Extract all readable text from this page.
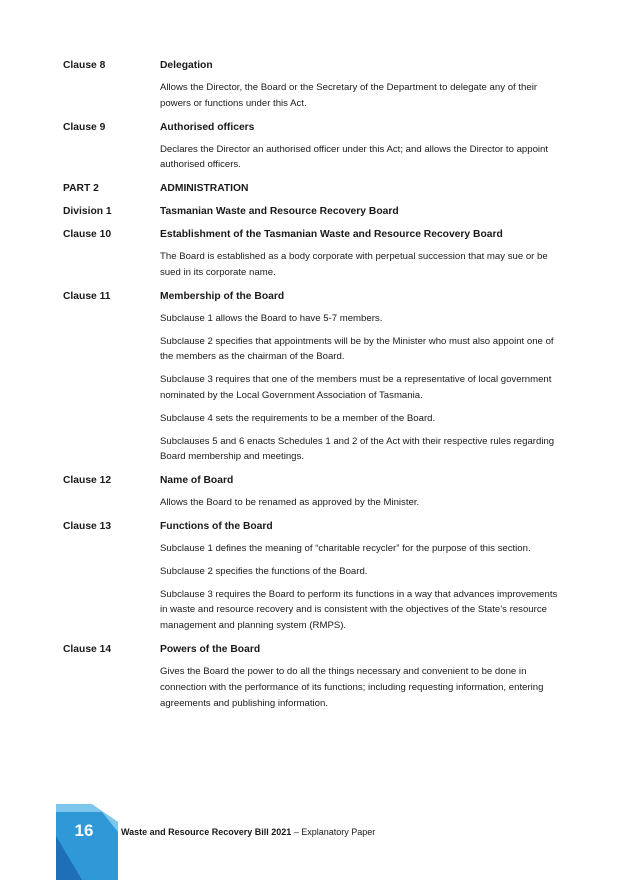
Clause 8	Delegation
Allows the Director, the Board or the Secretary of the Department to delegate any of their powers or functions under this Act.
Clause 9	Authorised officers
Declares the Director an authorised officer under this Act; and allows the Director to appoint authorised officers.
PART 2	ADMINISTRATION
Division 1	Tasmanian Waste and Resource Recovery Board
Clause 10	Establishment of the Tasmanian Waste and Resource Recovery Board
The Board is established as a body corporate with perpetual succession that may sue or be sued in its corporate name.
Clause 11	Membership of the Board
Subclause 1 allows the Board to have 5-7 members.
Subclause 2 specifies that appointments will be by the Minister who must also appoint one of the members as the chairman of the Board.
Subclause 3 requires that one of the members must be a representative of local government nominated by the Local Government Association of Tasmania.
Subclause 4 sets the requirements to be a member of the Board.
Subclauses 5 and 6 enacts Schedules 1 and 2 of the Act with their respective rules regarding Board membership and meetings.
Clause 12	Name of Board
Allows the Board to be renamed as approved by the Minister.
Clause 13	Functions of the Board
Subclause 1 defines the meaning of “charitable recycler” for the purpose of this section.
Subclause 2 specifies the functions of the Board.
Subclause 3 requires the Board to perform its functions in a way that advances improvements in waste and resource recovery and is consistent with the objectives of the State’s resource management and planning system (RMPS).
Clause 14	Powers of the Board
Gives the Board the power to do all the things necessary and convenient to be done in connection with the performance of its functions; including requesting information, entering agreements and publishing information.
16	Waste and Resource Recovery Bill 2021 – Explanatory Paper
